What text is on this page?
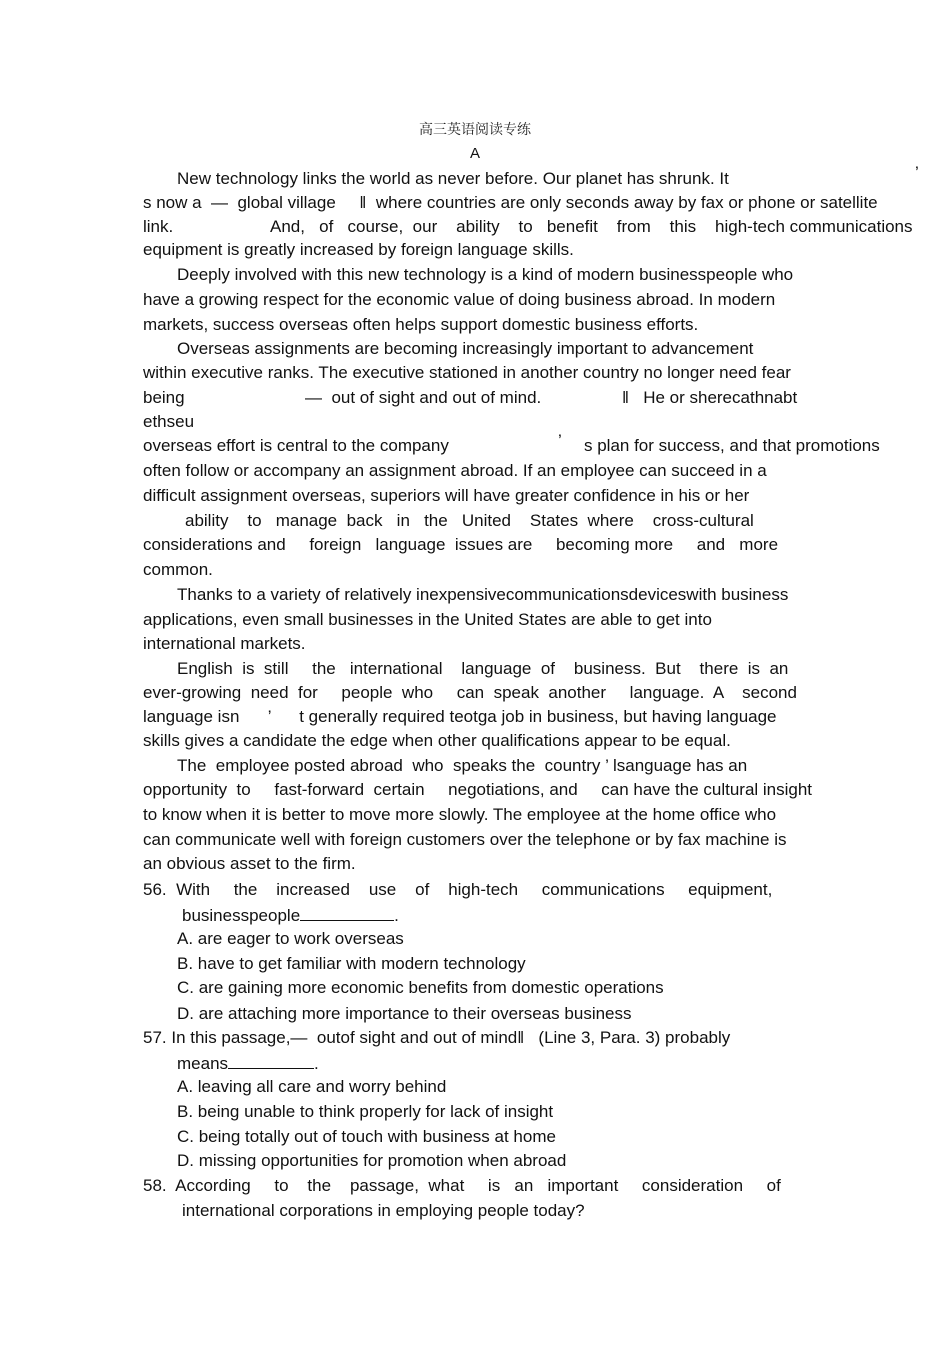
高三英语阅读专练
A
New technology links the world as never before. Our planet has shrunk. It	’
s now a  ―  global village     ‖  where countries are only seconds away by fax or phone or satellite
link.	And,   of   course,  our    ability    to   benefit    from    this    high-tech communications
equipment is greatly increased by foreign language skills.
Deeply involved with this new technology is a kind of modern businesspeople who
have a growing respect for the economic value of doing business abroad. In modern
markets, success overseas often helps support domestic business efforts.
Overseas assignments are becoming increasingly important to advancement
within executive ranks. The executive stationed in another country no longer need fear
being	―  out of sight and out of mind.	‖   He or sherecathnabt
ethseu
overseas effort is central to the company	’ s plan for success, and that promotions
often follow or accompany an assignment abroad. If an employee can succeed in a
difficult assignment overseas, superiors will have greater confidence in his or her
ability    to   manage  back   in   the   United    States  where    cross-cultural
considerations and     foreign   language  issues are     becoming more     and   more
common.
Thanks to a variety of relatively inexpensivecommunicationsdeviceswith business
applications, even small businesses in the United States are able to get into
international markets.
English  is  still     the   international    language  of    business.  But    there  is  an
ever-growing  need  for     people  who     can  speak  another     language.  A    second
language isn      ’      t generally required teotga job in business, but having language
skills gives a candidate the edge when other qualifications appear to be equal.
The  employee posted abroad  who  speaks the  country ’ lsanguage has an
opportunity  to     fast-forward  certain     negotiations, and     can have the cultural insight
to know when it is better to move more slowly. The employee at the home office who
can communicate well with foreign customers over the telephone or by fax machine is
an obvious asset to the firm.
56.  With     the    increased    use    of    high-tech     communications     equipment,
businesspeople	.
A. are eager to work overseas
B. have to get familiar with modern technology
C. are gaining more economic benefits from domestic operations
D. are attaching more importance to their overseas business
57. In this passage,―  outof sight and out of mind‖   (Line 3, Para. 3) probably
means	.
A. leaving all care and worry behind
B. being unable to think properly for lack of insight
C. being totally out of touch with business at home
D. missing opportunities for promotion when abroad
58.  According     to    the    passage,  what     is   an   important     consideration     of
international corporations in employing people today?
